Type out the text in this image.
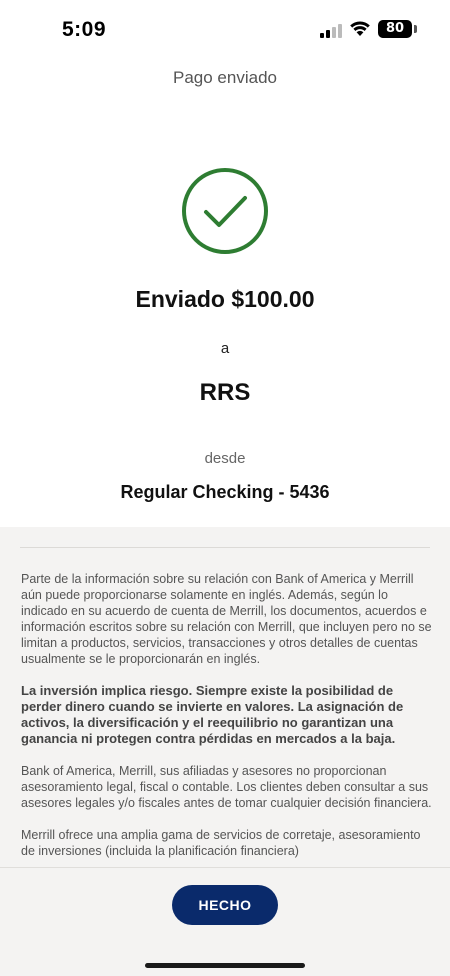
5:09	80
Pago enviado
Enviado $100.00
a
RRS
desde
Regular Checking - 5436

Parte de la información sobre su relación con Bank of America y Merrill aún puede proporcionarse solamente en inglés. Además, según lo indicado en su acuerdo de cuenta de Merrill, los documentos, acuerdos e información escritos sobre su relación con Merrill, que incluyen pero no se limitan a productos, servicios, transacciones y otros detalles de cuentas usualmente se le proporcionarán en inglés.

La inversión implica riesgo. Siempre existe la posibilidad de perder dinero cuando se invierte en valores. La asignación de activos, la diversificación y el reequilibrio no garantizan una ganancia ni protegen contra pérdidas en mercados a la baja.

Bank of America, Merrill, sus afiliadas y asesores no proporcionan asesoramiento legal, fiscal o contable. Los clientes deben consultar a sus asesores legales y/o fiscales antes de tomar cualquier decisión financiera.

Merrill ofrece una amplia gama de servicios de corretaje, asesoramiento de inversiones (incluida la planificación financiera)

HECHO
